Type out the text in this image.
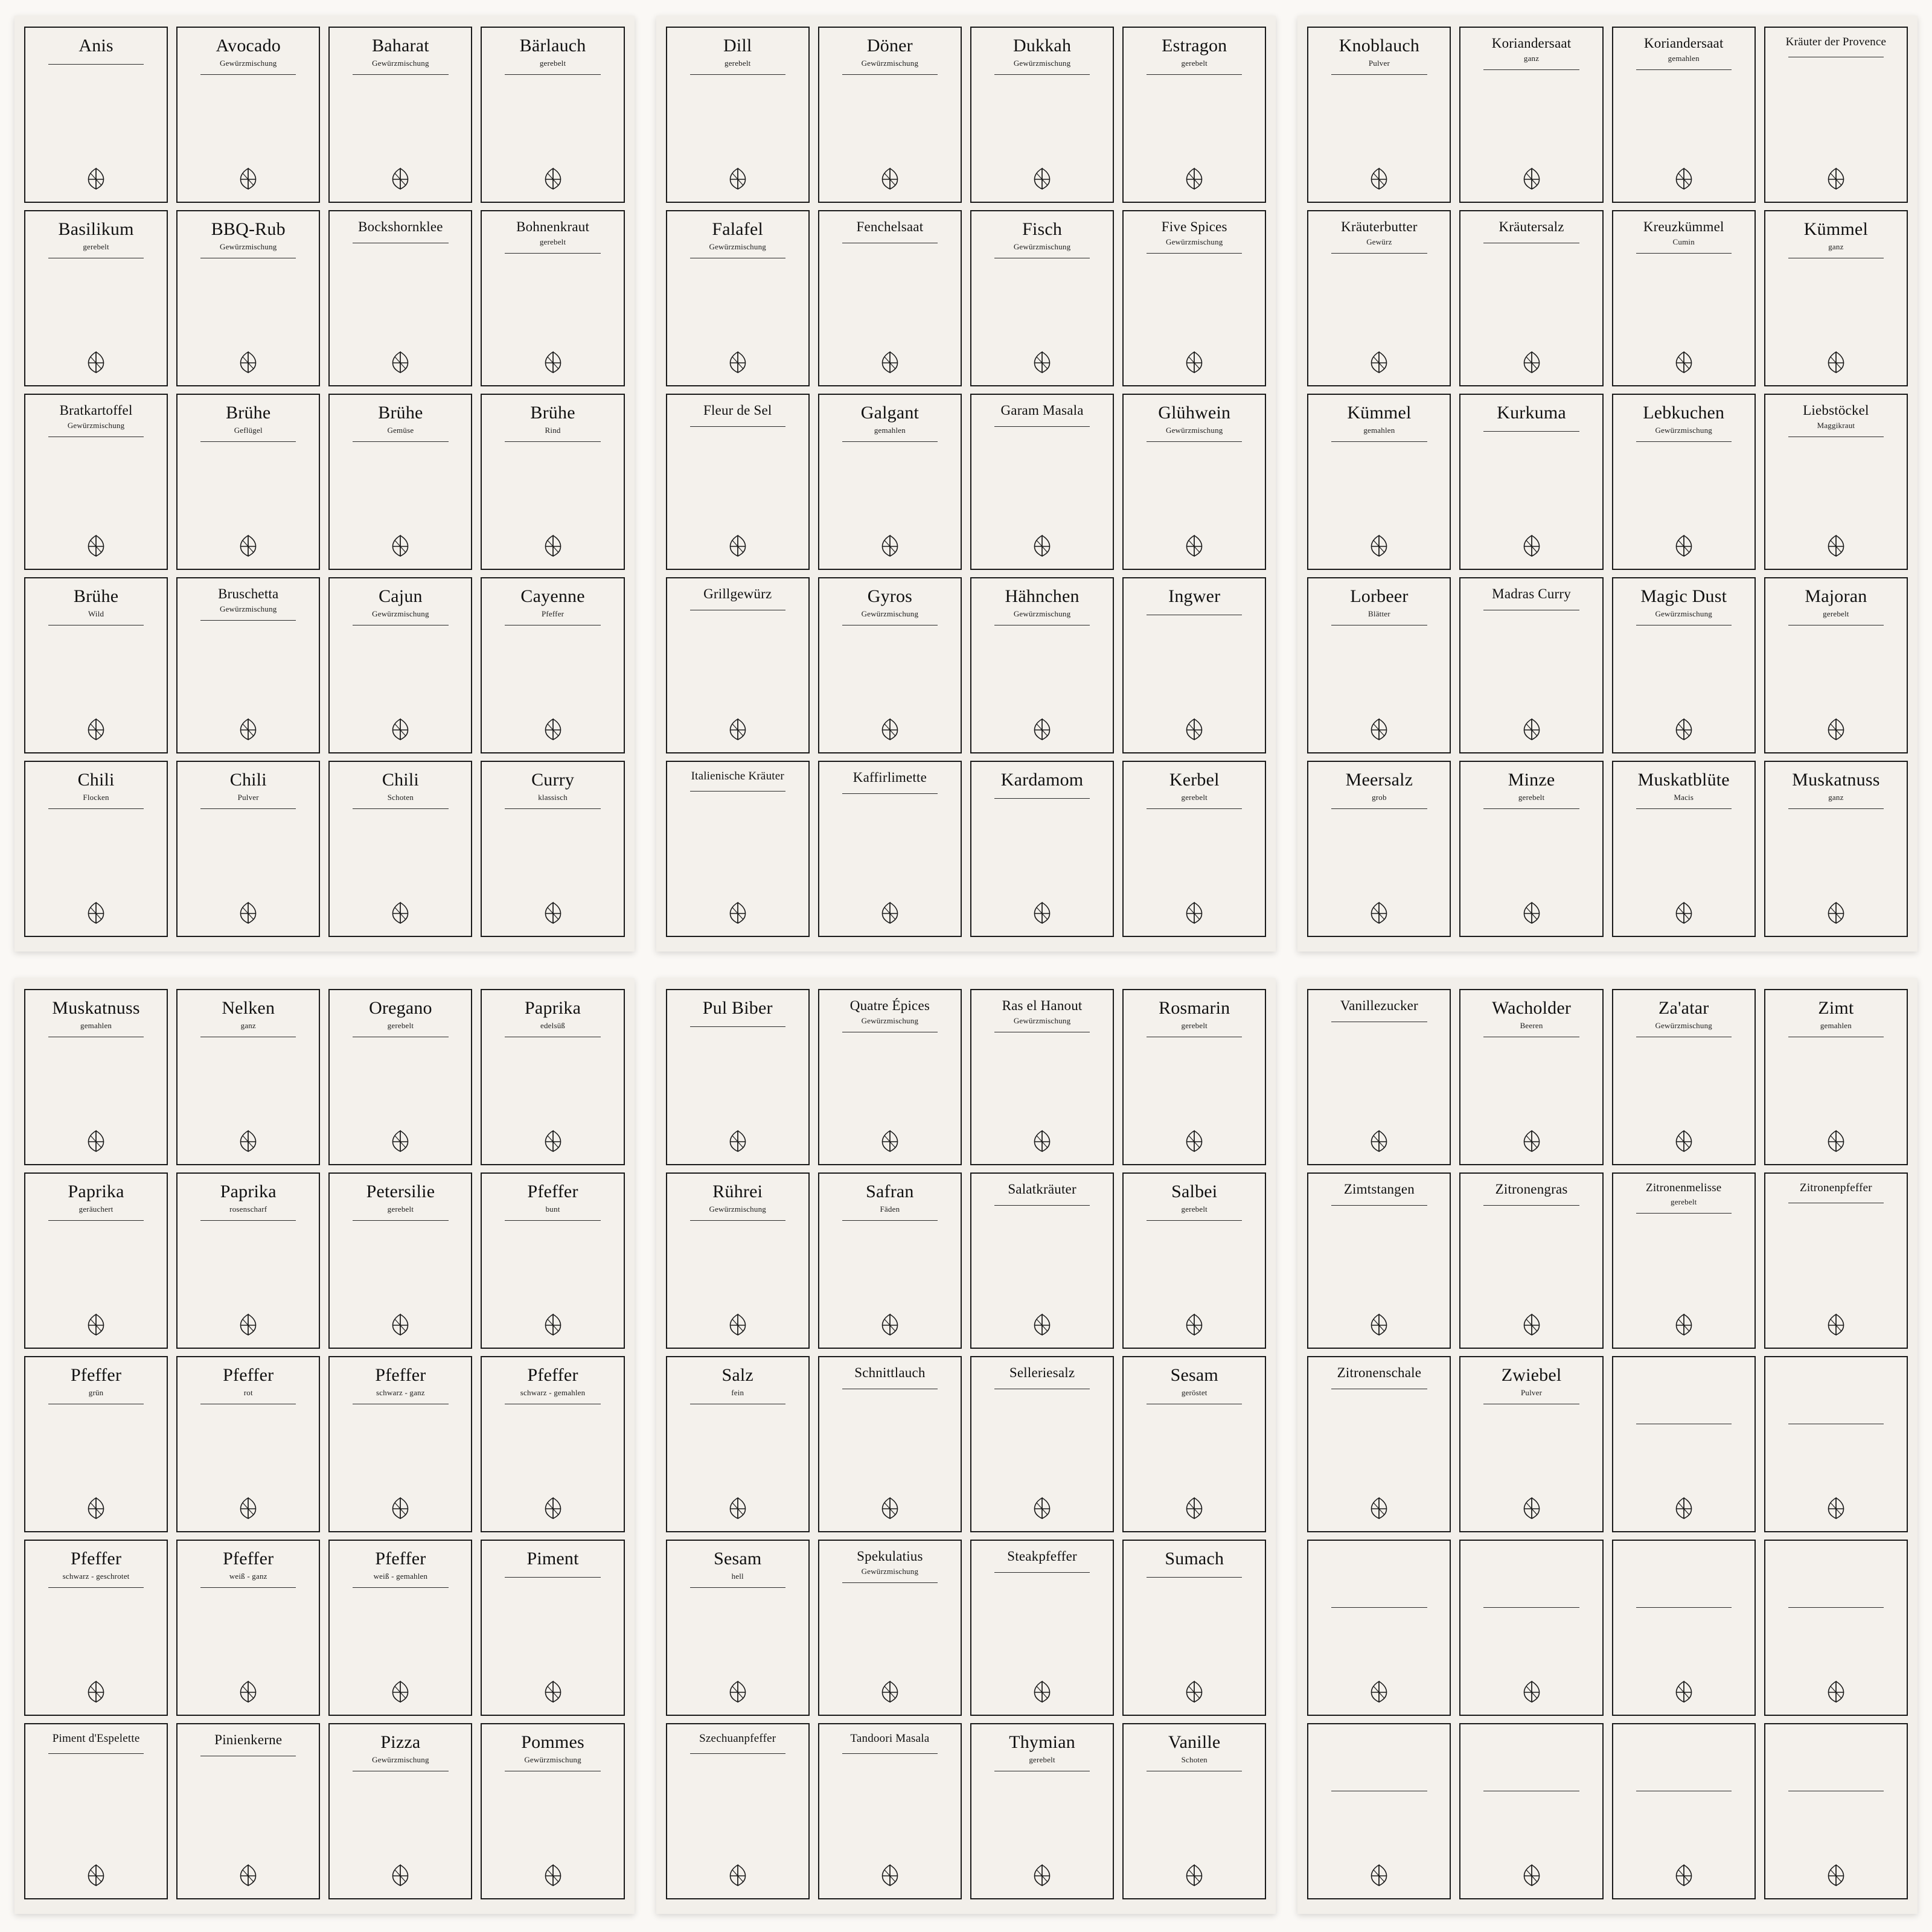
Anis	Avocado
Gewürzmischung
Baharat
Gewürzmischung
Bärlauch
gerebelt
Basilikum
gerebelt
BBQ-Rub
Gewürzmischung
Bockshornklee	Bohnenkraut
gerebelt
Bratkartoffel
Gewürzmischung
Brühe
Geflügel
Brühe
Gemüse
Brühe
Rind
Brühe
Wild
Bruschetta
Gewürzmischung
Cajun
Gewürzmischung
Cayenne
Pfeffer
Chili
Flocken
Chili
Pulver
Chili
Schoten
Curry
klassisch
Dill
gerebelt
Döner
Gewürzmischung
Dukkah
Gewürzmischung
Estragon
gerebelt
Falafel
Gewürzmischung
Fenchelsaat	Fisch
Gewürzmischung
Five Spices
Gewürzmischung
Fleur de Sel	Galgant
gemahlen
Garam Masala	Glühwein
Gewürzmischung
Grillgewürz	Gyros
Gewürzmischung
Hähnchen
Gewürzmischung
Ingwer
Italienische Kräuter	Kaffirlimette	Kardamom	Kerbel
gerebelt
Knoblauch
Pulver
Koriandersaat
ganz
Koriandersaat
gemahlen
Kräuter der Provence
Kräuterbutter
Gewürz
Kräutersalz	Kreuzkümmel
Cumin
Kümmel
ganz
Kümmel
gemahlen
Kurkuma	Lebkuchen
Gewürzmischung
Liebstöckel
Maggikraut
Lorbeer
Blätter
Madras Curry	Magic Dust
Gewürzmischung
Majoran
gerebelt
Meersalz
grob
Minze
gerebelt
Muskatblüte
Macis
Muskatnuss
ganz
Muskatnuss
gemahlen
Nelken
ganz
Oregano
gerebelt
Paprika
edelsüß
Paprika
geräuchert
Paprika
rosenscharf
Petersilie
gerebelt
Pfeffer
bunt
Pfeffer
grün
Pfeffer
rot
Pfeffer
schwarz - ganz
Pfeffer
schwarz - gemahlen
Pfeffer
schwarz - geschrotet
Pfeffer
weiß - ganz
Pfeffer
weiß - gemahlen
Piment
Piment d'Espelette	Pinienkerne	Pizza
Gewürzmischung
Pommes
Gewürzmischung
Pul Biber	Quatre Épices
Gewürzmischung
Ras el Hanout
Gewürzmischung
Rosmarin
gerebelt
Rührei
Gewürzmischung
Safran
Fäden
Salatkräuter	Salbei
gerebelt
Salz
fein
Schnittlauch	Selleriesalz	Sesam
geröstet
Sesam
hell
Spekulatius
Gewürzmischung
Steakpfeffer	Sumach
Szechuanpfeffer	Tandoori Masala	Thymian
gerebelt
Vanille
Schoten
Vanillezucker	Wacholder
Beeren
Za'atar
Gewürzmischung
Zimt
gemahlen
Zimtstangen	Zitronengras	Zitronenmelisse
gerebelt
Zitronenpfeffer
Zitronenschale	Zwiebel
Pulver
